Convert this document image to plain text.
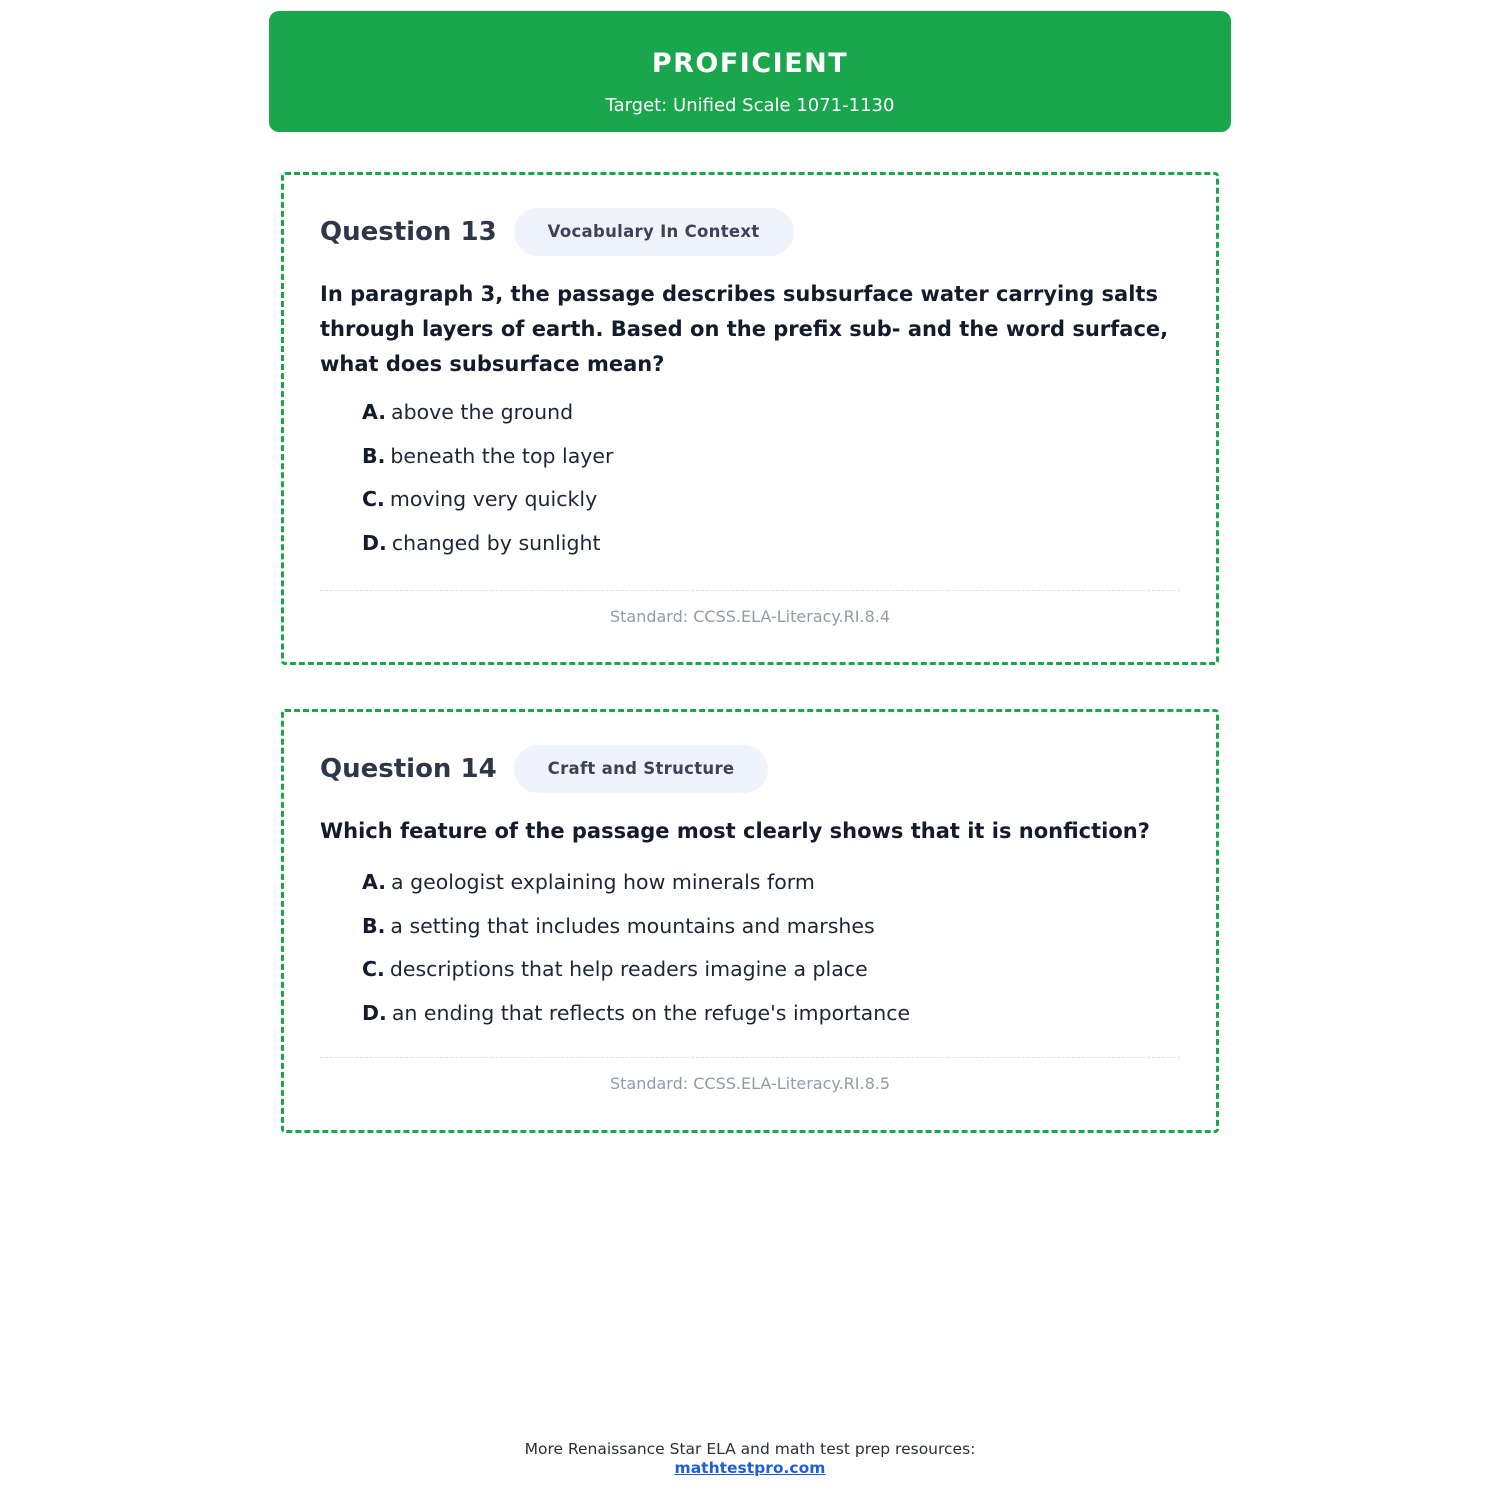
PROFICIENT
Target: Unified Scale 1071-1130
Question 13	Vocabulary In Context
In paragraph 3, the passage describes subsurface water carrying salts through layers of earth. Based on the prefix sub- and the word surface, what does subsurface mean?
A. above the ground
B. beneath the top layer
C. moving very quickly
D. changed by sunlight
Standard: CCSS.ELA-Literacy.RI.8.4
Question 14	Craft and Structure
Which feature of the passage most clearly shows that it is nonfiction?
A. a geologist explaining how minerals form
B. a setting that includes mountains and marshes
C. descriptions that help readers imagine a place
D. an ending that reflects on the refuge's importance
Standard: CCSS.ELA-Literacy.RI.8.5
More Renaissance Star ELA and math test prep resources:
mathtestpro.com
